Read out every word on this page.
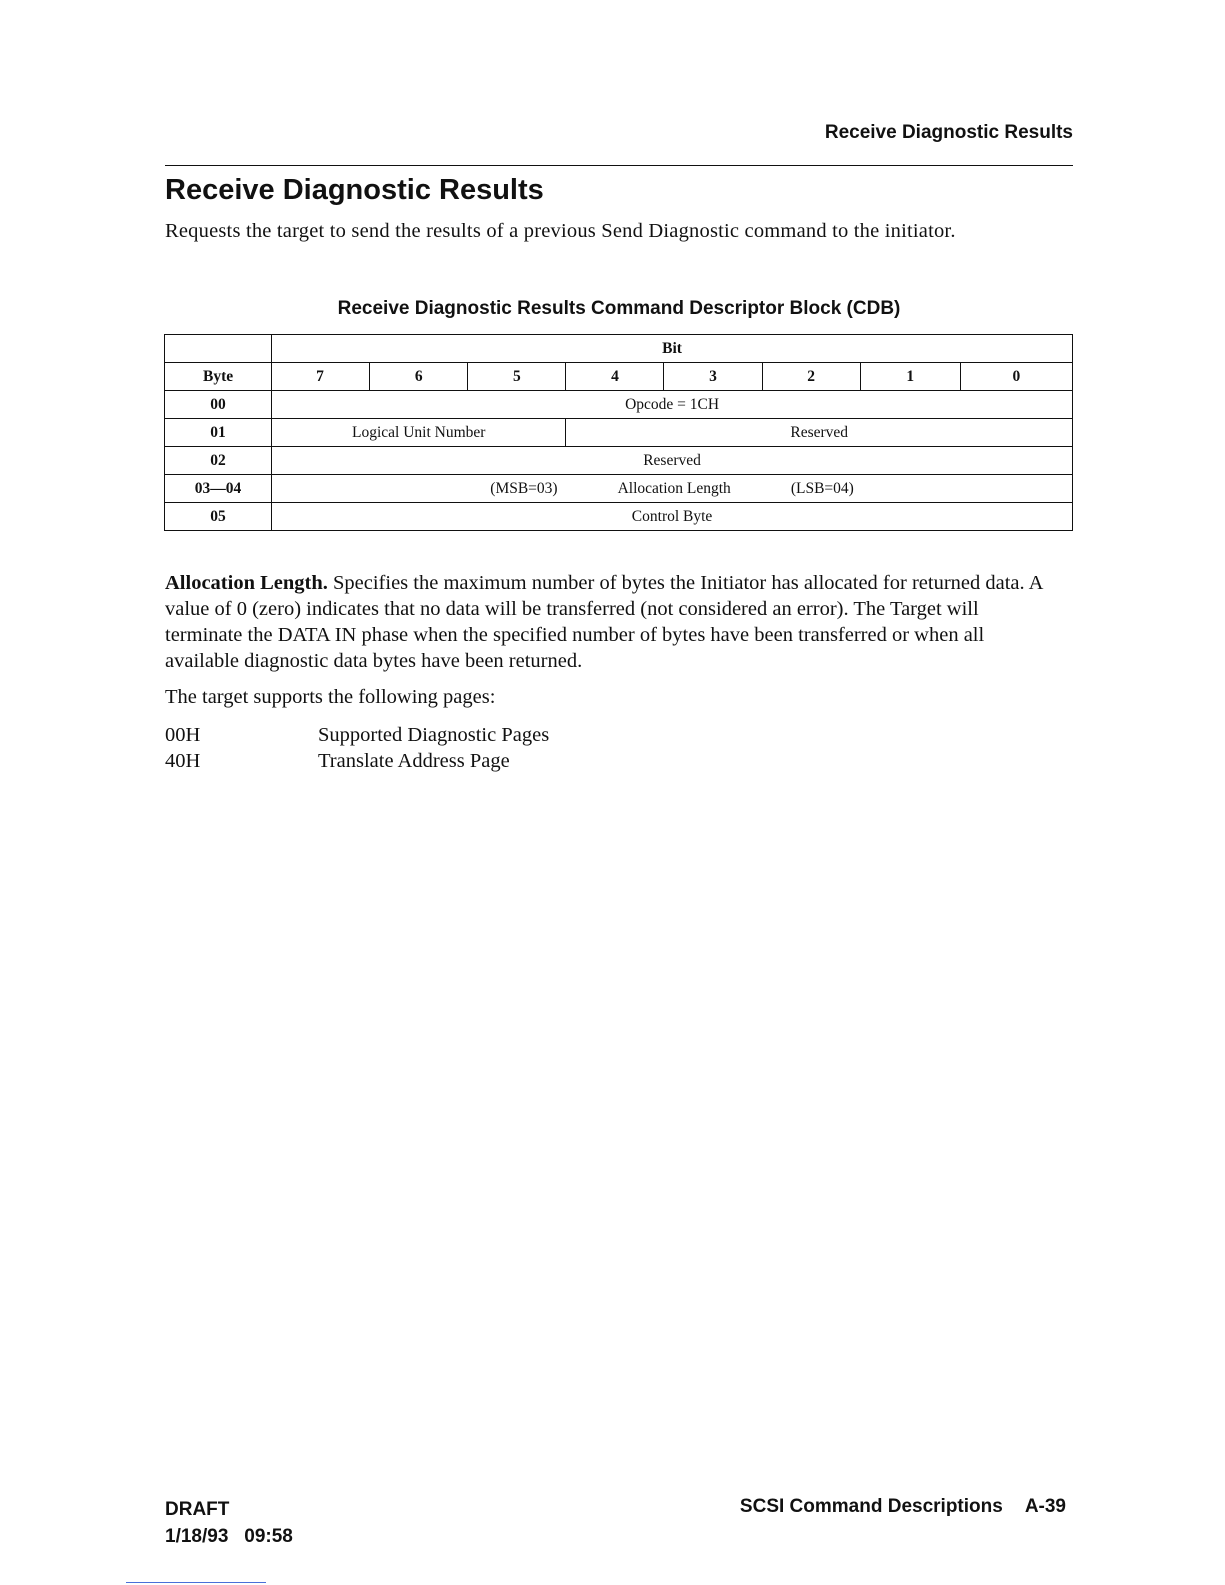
Receive Diagnostic Results
Receive Diagnostic Results
Requests the target to send the results of a previous Send Diagnostic command to the initiator.
Receive Diagnostic Results Command Descriptor Block (CDB)
	Bit							
Byte	7	6	5	4	3	2	1	0
00	Opcode = 1CH							
01	Logical Unit Number			Reserved				
02	Reserved							
03—04	(MSB=03) Allocation Length (LSB=04)							

05	Control Byte							
Allocation Length. Specifies the maximum number of bytes the Initiator has allocated for returned data. A value of 0 (zero) indicates that no data will be transferred (not considered an error). The Target will terminate the DATA IN phase when the specified number of bytes have been transferred or when all available diagnostic data bytes have been returned.
The target supports the following pages:
00H	Supported Diagnostic Pages
40H	Translate Address Page
DRAFT
1/18/93 09:58
SCSI Command Descriptions A-39
